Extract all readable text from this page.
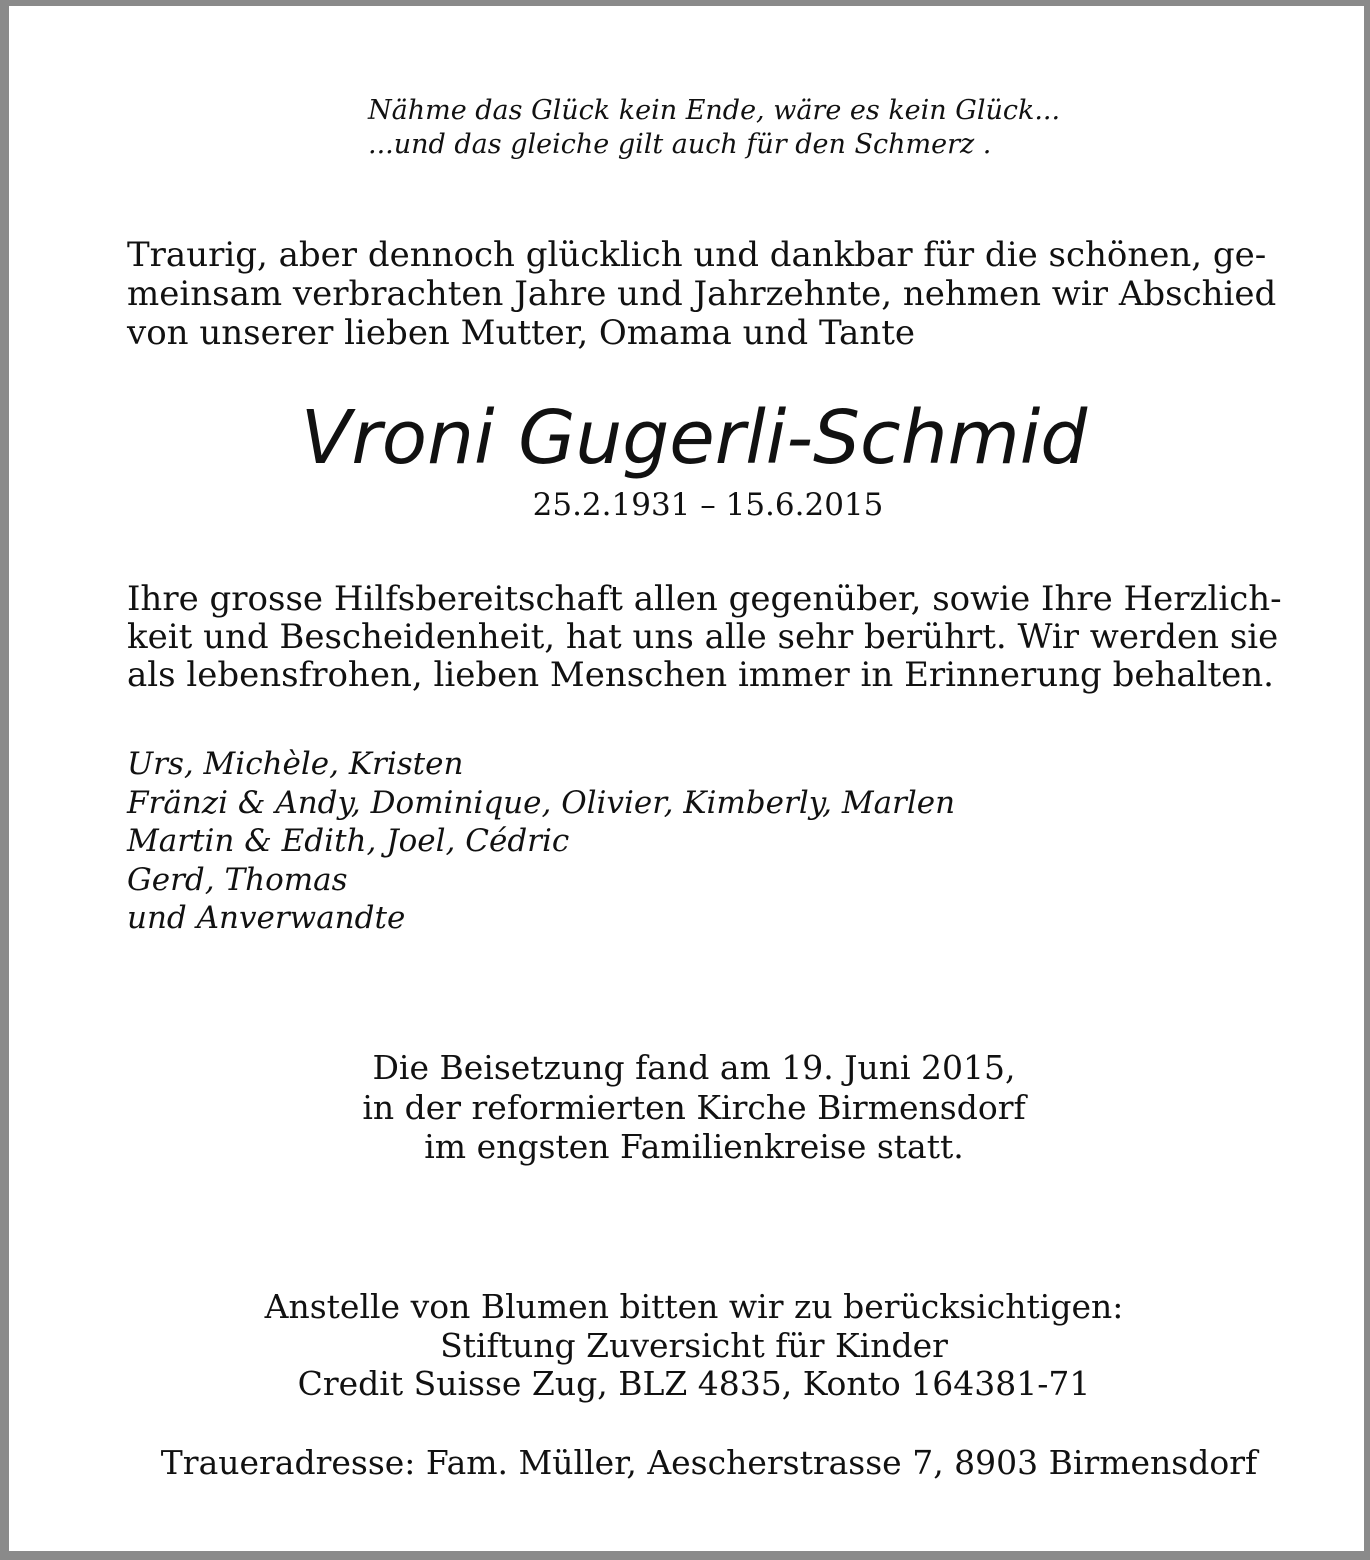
Nähme das Glück kein Ende, wäre es kein Glück...
...und das gleiche gilt auch für den Schmerz .
Traurig, aber dennoch glücklich und dankbar für die schönen, ge-
meinsam verbrachten Jahre und Jahrzehnte, nehmen wir Abschied
von unserer lieben Mutter, Omama und Tante
Vroni Gugerli-Schmid
25.2.1931 – 15.6.2015
Ihre grosse Hilfsbereitschaft allen gegenüber, sowie Ihre Herzlich-
keit und Bescheidenheit, hat uns alle sehr berührt. Wir werden sie
als lebensfrohen, lieben Menschen immer in Erinnerung behalten.
Urs, Michèle, Kristen
Fränzi & Andy, Dominique, Olivier, Kimberly, Marlen
Martin & Edith, Joel, Cédric
Gerd, Thomas
und Anverwandte
Die Beisetzung fand am 19. Juni 2015,
in der reformierten Kirche Birmensdorf
im engsten Familienkreise statt.
Anstelle von Blumen bitten wir zu berücksichtigen:
Stiftung Zuversicht für Kinder
Credit Suisse Zug, BLZ 4835, Konto 164381-71
Traueradresse: Fam. Müller, Aescherstrasse 7, 8903 Birmensdorf
